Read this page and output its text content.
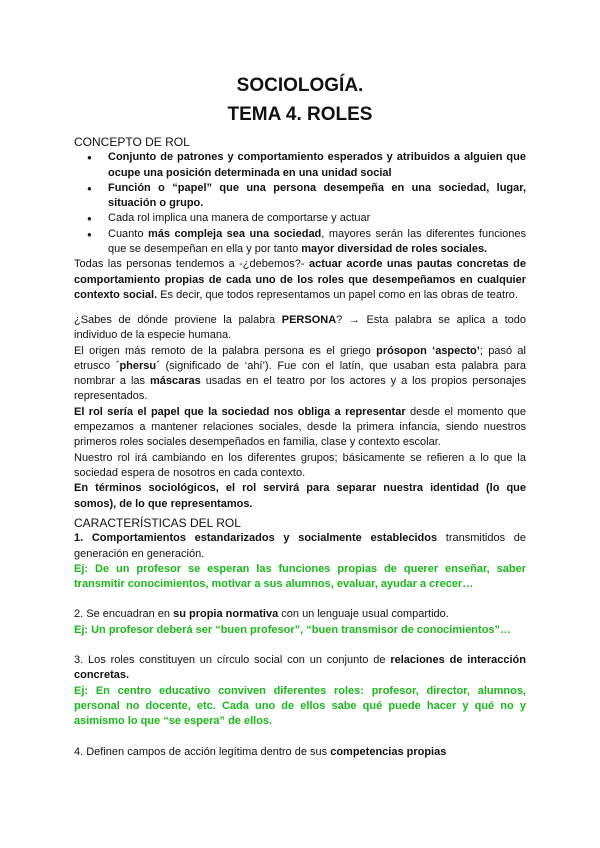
SOCIOLOGÍA.
TEMA 4. ROLES
CONCEPTO DE ROL
● Conjunto de patrones y comportamiento esperados y atribuidos a alguien que ocupe una posición determinada en una unidad social
● Función o “papel” que una persona desempeña en una sociedad, lugar, situación o grupo.
● Cada rol implica una manera de comportarse y actuar
● Cuanto más compleja sea una sociedad, mayores serán las diferentes funciones que se desempeñan en ella y por tanto mayor diversidad de roles sociales.

Todas las personas tendemos a -¿debemos?- actuar acorde unas pautas concretas de comportamiento propias de cada uno de los roles que desempeñamos en cualquier contexto social. Es decir, que todos representamos un papel como en las obras de teatro.

¿Sabes de dónde proviene la palabra PERSONA? → Esta palabra se aplica a todo individuo de la especie humana.

El origen más remoto de la palabra persona es el griego prósopon ‘aspecto’; pasó al etrusco ´phersu´ (significado de ‘ahí’). Fue con el latín, que usaban esta palabra para nombrar a las máscaras usadas en el teatro por los actores y a los propios personajes representados.

El rol sería el papel que la sociedad nos obliga a representar desde el momento que empezamos a mantener relaciones sociales, desde la primera infancia, siendo nuestros primeros roles sociales desempeñados en familia, clase y contexto escolar.

Nuestro rol irá cambiando en los diferentes grupos; básicamente se refieren a lo que la sociedad espera de nosotros en cada contexto.

En términos sociológicos, el rol servirá para separar nuestra identidad (lo que somos), de lo que representamos.

CARACTERÍSTICAS DEL ROL

1. Comportamientos estandarizados y socialmente establecidos transmitidos de generación en generación.

Ej: De un profesor se esperan las funciones propias de querer enseñar, saber transmitir conocimientos, motivar a sus alumnos, evaluar, ayudar a crecer…

2. Se encuadran en su propia normativa con un lenguaje usual compartido.

Ej: Un profesor deberá ser “buen profesor”, “buen transmisor de conocimientos”…

3. Los roles constituyen un círculo social con un conjunto de relaciones de interacción concretas.

Ej: En centro educativo conviven diferentes roles: profesor, director, alumnos, personal no docente, etc. Cada uno de ellos sabe qué puede hacer y qué no y asimismo lo que “se espera” de ellos.

4. Definen campos de acción legítima dentro de sus competencias propias
